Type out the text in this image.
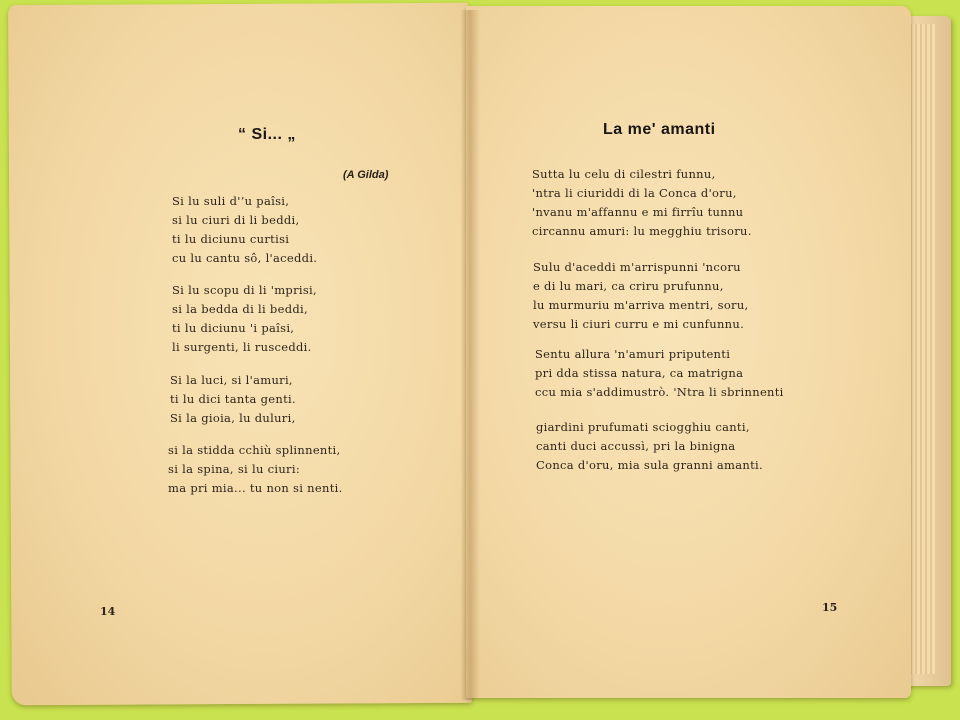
“ Si... „
(A Gilda)
Si lu suli d'’u paîsi,
si lu ciuri di li beddi,
ti lu diciunu curtisi
cu lu cantu sô, l'aceddi.
Si lu scopu di li 'mprisi,
si la bedda di li beddi,
ti lu diciunu 'i paîsi,
li surgenti, li rusceddi.
Si la luci, si l'amuri,
ti lu dici tanta genti.
Si la gioia, lu duluri,
si la stidda cchiù splinnenti,
si la spina, si lu ciuri:
ma pri mia... tu non si nenti.
14
La me' amanti
Sutta lu celu di cilestri funnu,
'ntra li ciuriddi di la Conca d'oru,
'nvanu m'affannu e mi firrîu tunnu
circannu amuri: lu megghiu trisoru.
Sulu d'aceddi m'arrispunni 'ncoru
e di lu mari, ca criru prufunnu,
lu murmuriu m'arriva mentri, soru,
versu li ciuri curru e mi cunfunnu.
Sentu allura 'n'amuri priputenti
pri dda stissa natura, ca matrigna
ccu mia s'addimustrò. 'Ntra li sbrinnenti
giardini prufumati sciogghiu canti,
canti duci accussì, pri la binigna
Conca d'oru, mia sula granni amanti.
15
